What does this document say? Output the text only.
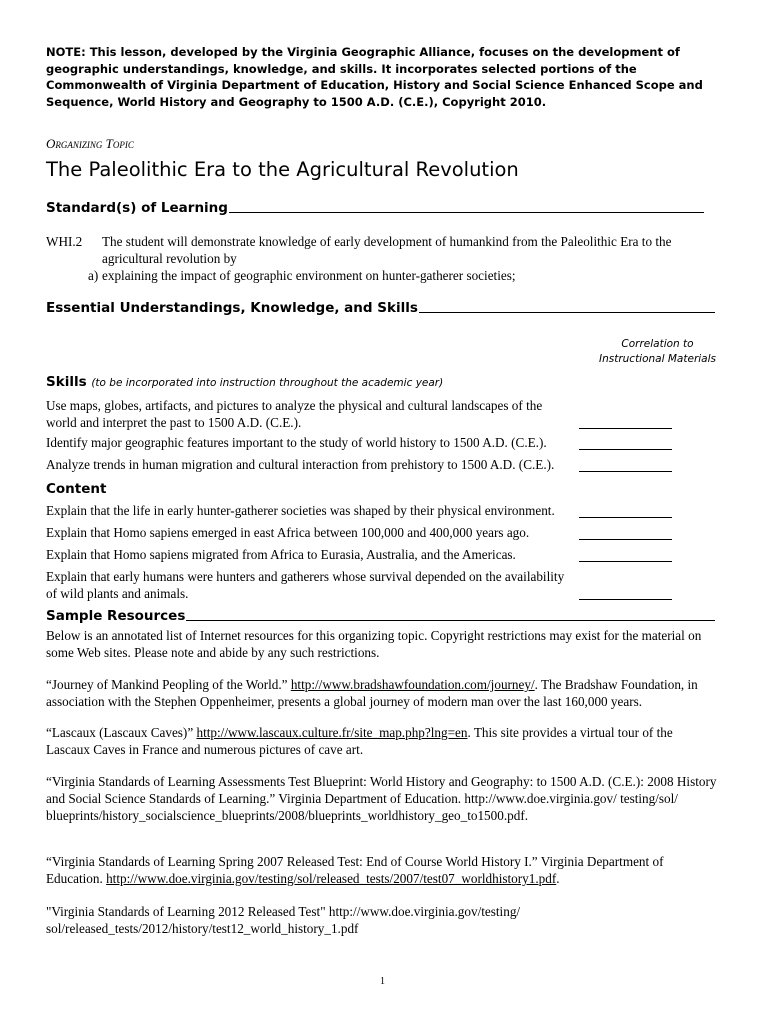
NOTE: This lesson, developed by the Virginia Geographic Alliance, focuses on the development of geographic understandings, knowledge, and skills. It incorporates selected portions of the Commonwealth of Virginia Department of Education, History and Social Science Enhanced Scope and Sequence, World History and Geography to 1500 A.D. (C.E.), Copyright 2010.
Organizing Topic
The Paleolithic Era to the Agricultural Revolution
Standard(s) of Learning
WHI.2 The student will demonstrate knowledge of early development of humankind from the Paleolithic Era to the agricultural revolution by
a) explaining the impact of geographic environment on hunter-gatherer societies;
Essential Understandings, Knowledge, and Skills
Correlation to
Instructional Materials
Skills (to be incorporated into instruction throughout the academic year)
Use maps, globes, artifacts, and pictures to analyze the physical and cultural landscapes of the world and interpret the past to 1500 A.D. (C.E.).
Identify major geographic features important to the study of world history to 1500 A.D. (C.E.).
Analyze trends in human migration and cultural interaction from prehistory to 1500 A.D. (C.E.).
Content
Explain that the life in early hunter-gatherer societies was shaped by their physical environment.
Explain that Homo sapiens emerged in east Africa between 100,000 and 400,000 years ago.
Explain that Homo sapiens migrated from Africa to Eurasia, Australia, and the Americas.
Explain that early humans were hunters and gatherers whose survival depended on the availability of wild plants and animals.
Sample Resources
Below is an annotated list of Internet resources for this organizing topic. Copyright restrictions may exist for the material on some Web sites. Please note and abide by any such restrictions.
“Journey of Mankind Peopling of the World.” http://www.bradshawfoundation.com/journey/. The Bradshaw Foundation, in association with the Stephen Oppenheimer, presents a global journey of modern man over the last 160,000 years.
“Lascaux (Lascaux Caves)” http://www.lascaux.culture.fr/site_map.php?lng=en. This site provides a virtual tour of the Lascaux Caves in France and numerous pictures of cave art.
“Virginia Standards of Learning Assessments Test Blueprint: World History and Geography: to 1500 A.D. (C.E.): 2008 History and Social Science Standards of Learning.” Virginia Department of Education. http://www.doe.virginia.gov/ testing/sol/ blueprints/history_socialscience_blueprints/2008/blueprints_worldhistory_geo_to1500.pdf.
“Virginia Standards of Learning Spring 2007 Released Test: End of Course World History I.” Virginia Department of Education. http://www.doe.virginia.gov/testing/sol/released_tests/2007/test07_worldhistory1.pdf.
"Virginia Standards of Learning 2012 Released Test" http://www.doe.virginia.gov/testing/ sol/released_tests/2012/history/test12_world_history_1.pdf
1
